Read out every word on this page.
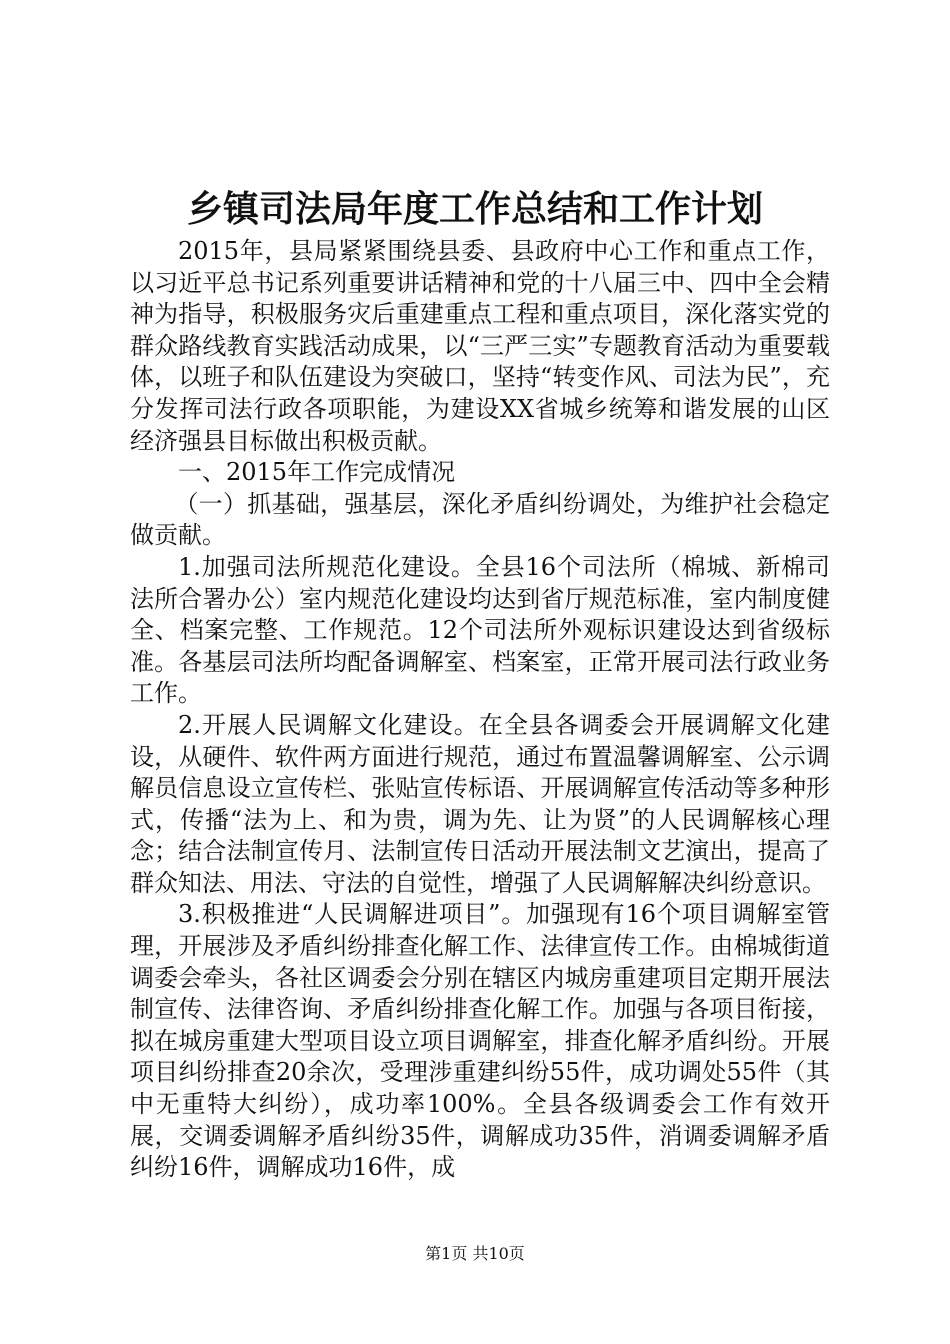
乡镇司法局年度工作总结和工作计划

2015年，县局紧紧围绕县委、县政府中心工作和重点工作，以习近平总书记系列重要讲话精神和党的十八届三中、四中全会精神为指导，积极服务灾后重建重点工程和重点项目，深化落实党的群众路线教育实践活动成果，以“三严三实”专题教育活动为重要载体，以班子和队伍建设为突破口，坚持“转变作风、司法为民”，充分发挥司法行政各项职能，为建设XX省城乡统筹和谐发展的山区经济强县目标做出积极贡献。

一、2015年工作完成情况

（一）抓基础，强基层，深化矛盾纠纷调处，为维护社会稳定做贡献。

1.加强司法所规范化建设。全县16个司法所（棉城、新棉司法所合署办公）室内规范化建设均达到省厅规范标准，室内制度健全、档案完整、工作规范。12个司法所外观标识建设达到省级标准。各基层司法所均配备调解室、档案室，正常开展司法行政业务工作。

2.开展人民调解文化建设。在全县各调委会开展调解文化建设，从硬件、软件两方面进行规范，通过布置温馨调解室、公示调解员信息设立宣传栏、张贴宣传标语、开展调解宣传活动等多种形式，传播“法为上、和为贵，调为先、让为贤”的人民调解核心理念；结合法制宣传月、法制宣传日活动开展法制文艺演出，提高了群众知法、用法、守法的自觉性，增强了人民调解解决纠纷意识。

3.积极推进“人民调解进项目”。加强现有16个项目调解室管理，开展涉及矛盾纠纷排查化解工作、法律宣传工作。由棉城街道调委会牵头，各社区调委会分别在辖区内城房重建项目定期开展法制宣传、法律咨询、矛盾纠纷排查化解工作。加强与各项目衔接，拟在城房重建大型项目设立项目调解室，排查化解矛盾纠纷。开展项目纠纷排查20余次，受理涉重建纠纷55件，成功调处55件（其中无重特大纠纷），成功率100%。全县各级调委会工作有效开展，交调委调解矛盾纠纷35件，调解成功35件，消调委调解矛盾纠纷16件，调解成功16件，成

第1页 共10页
